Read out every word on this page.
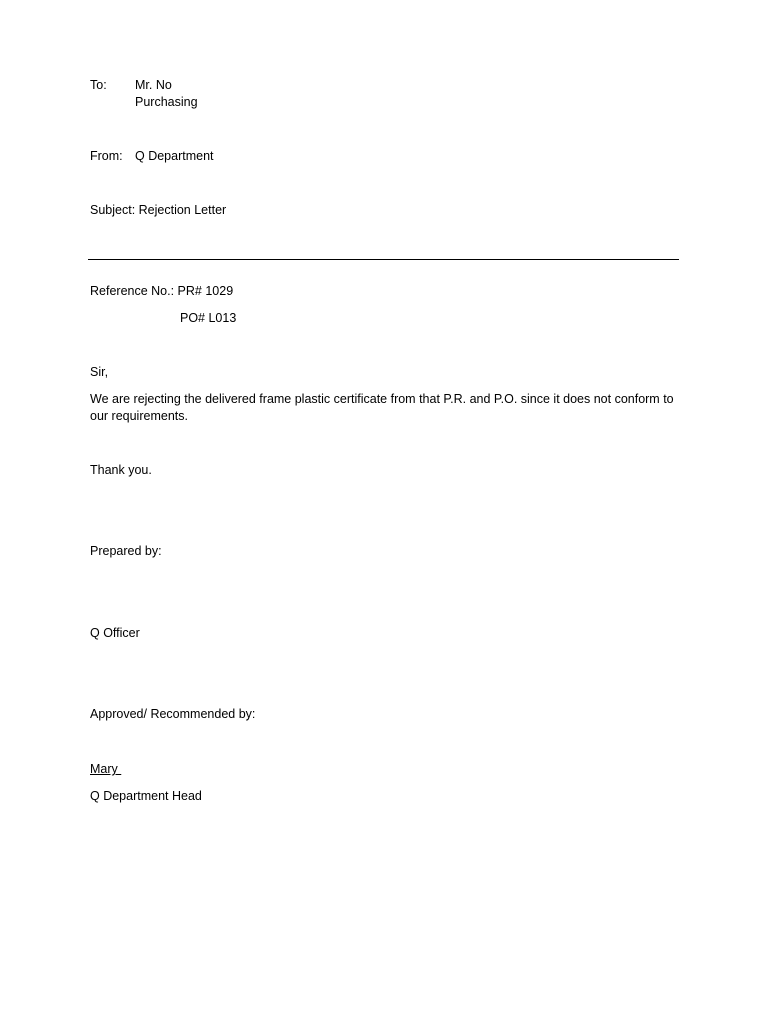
To: Mr. No
Purchasing
From: Q Department
Subject: Rejection Letter
Reference No.: PR# 1029
PO# L013
Sir,
We are rejecting the delivered frame plastic certificate from that P.R. and P.O. since it does not conform to our requirements.
Thank you.
Prepared by:
Q Officer
Approved/ Recommended by:
Mary
Q Department Head
